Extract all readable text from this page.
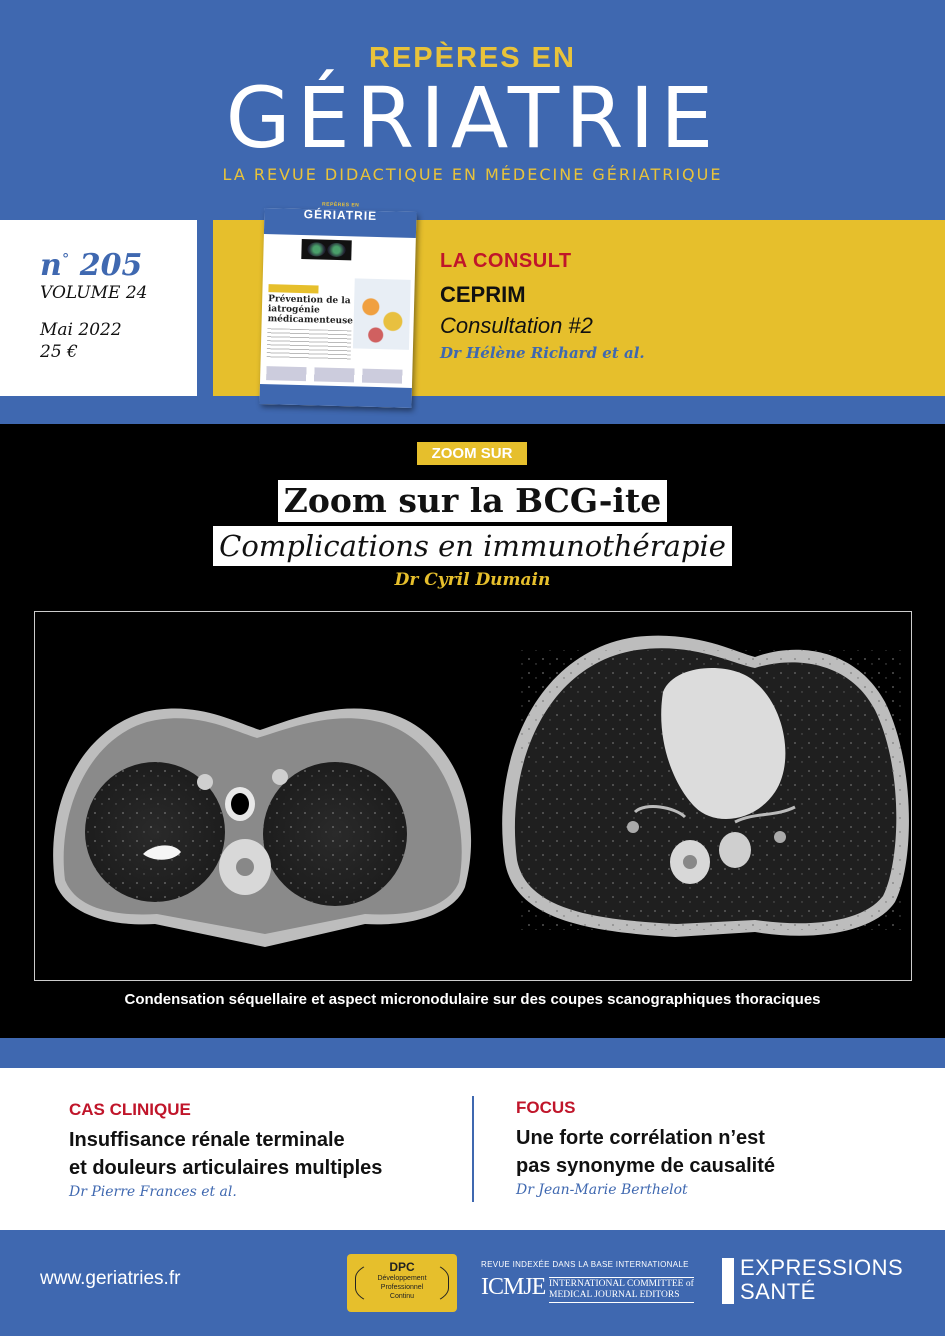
REPÈRES EN
GÉRIATRIE
LA REVUE DIDACTIQUE EN MÉDECINE GÉRIATRIQUE
n° 205
VOLUME 24
Mai 2022
25 €
REPÈRES EN
GÉRIATRIE
Prévention de la iatrogénie médicamenteuse
LA CONSULT
CEPRIM
Consultation #2
Dr Hélène Richard et al.
ZOOM SUR
Zoom sur la BCG-ite
Complications en immunothérapie
Dr Cyril Dumain
Condensation séquellaire et aspect micronodulaire sur des coupes scanographiques thoraciques
CAS CLINIQUE
Insuffisance rénale terminale
et douleurs articulaires multiples
Dr Pierre Frances et al.
FOCUS
Une forte corrélation n’est
pas synonyme de causalité
Dr Jean-Marie Berthelot
www.geriatries.fr
DPC
Développement
Professionnel
Continu
REVUE INDEXÉE DANS LA BASE INTERNATIONALE
ICMJE INTERNATIONAL COMMITTEE of
MEDICAL JOURNAL EDITORS
EXPRESSIONS
SANTÉ
